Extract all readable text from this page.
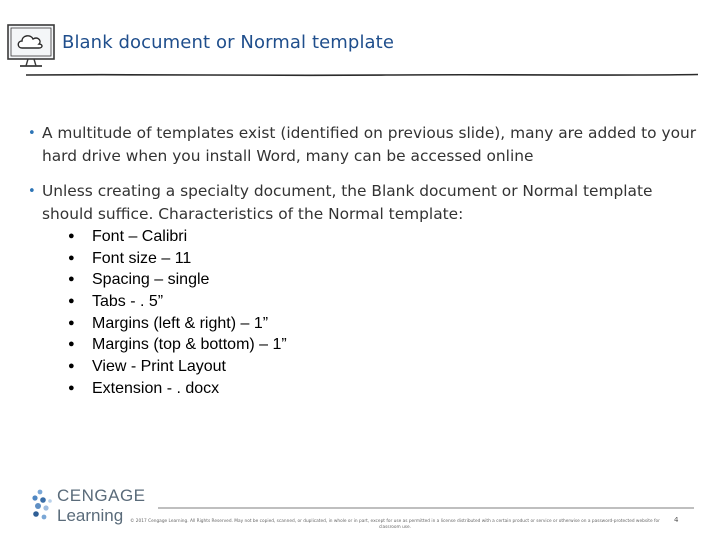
Blank document or Normal template
• A multitude of templates exist (identified on previous slide), many are added to your hard drive when you install Word, many can be accessed online
• Unless creating a specialty document, the Blank document or Normal template should suffice. Characteristics of the Normal template:
●	Font – Calibri
●	Font size – 11
●	Spacing – single
●	Tabs - . 5”
●	Margins (left & right) – 1”
●	Margins (top & bottom) – 1”
●	View - Print Layout
●	Extension - . docx
CENGAGE
Learning © 2017 Cengage Learning. All Rights Reserved. May not be copied, scanned, or duplicated, in whole or in part, except for use as permitted in a license distributed with a certain product or service or otherwise on a password-protected website for classroom use.
4
